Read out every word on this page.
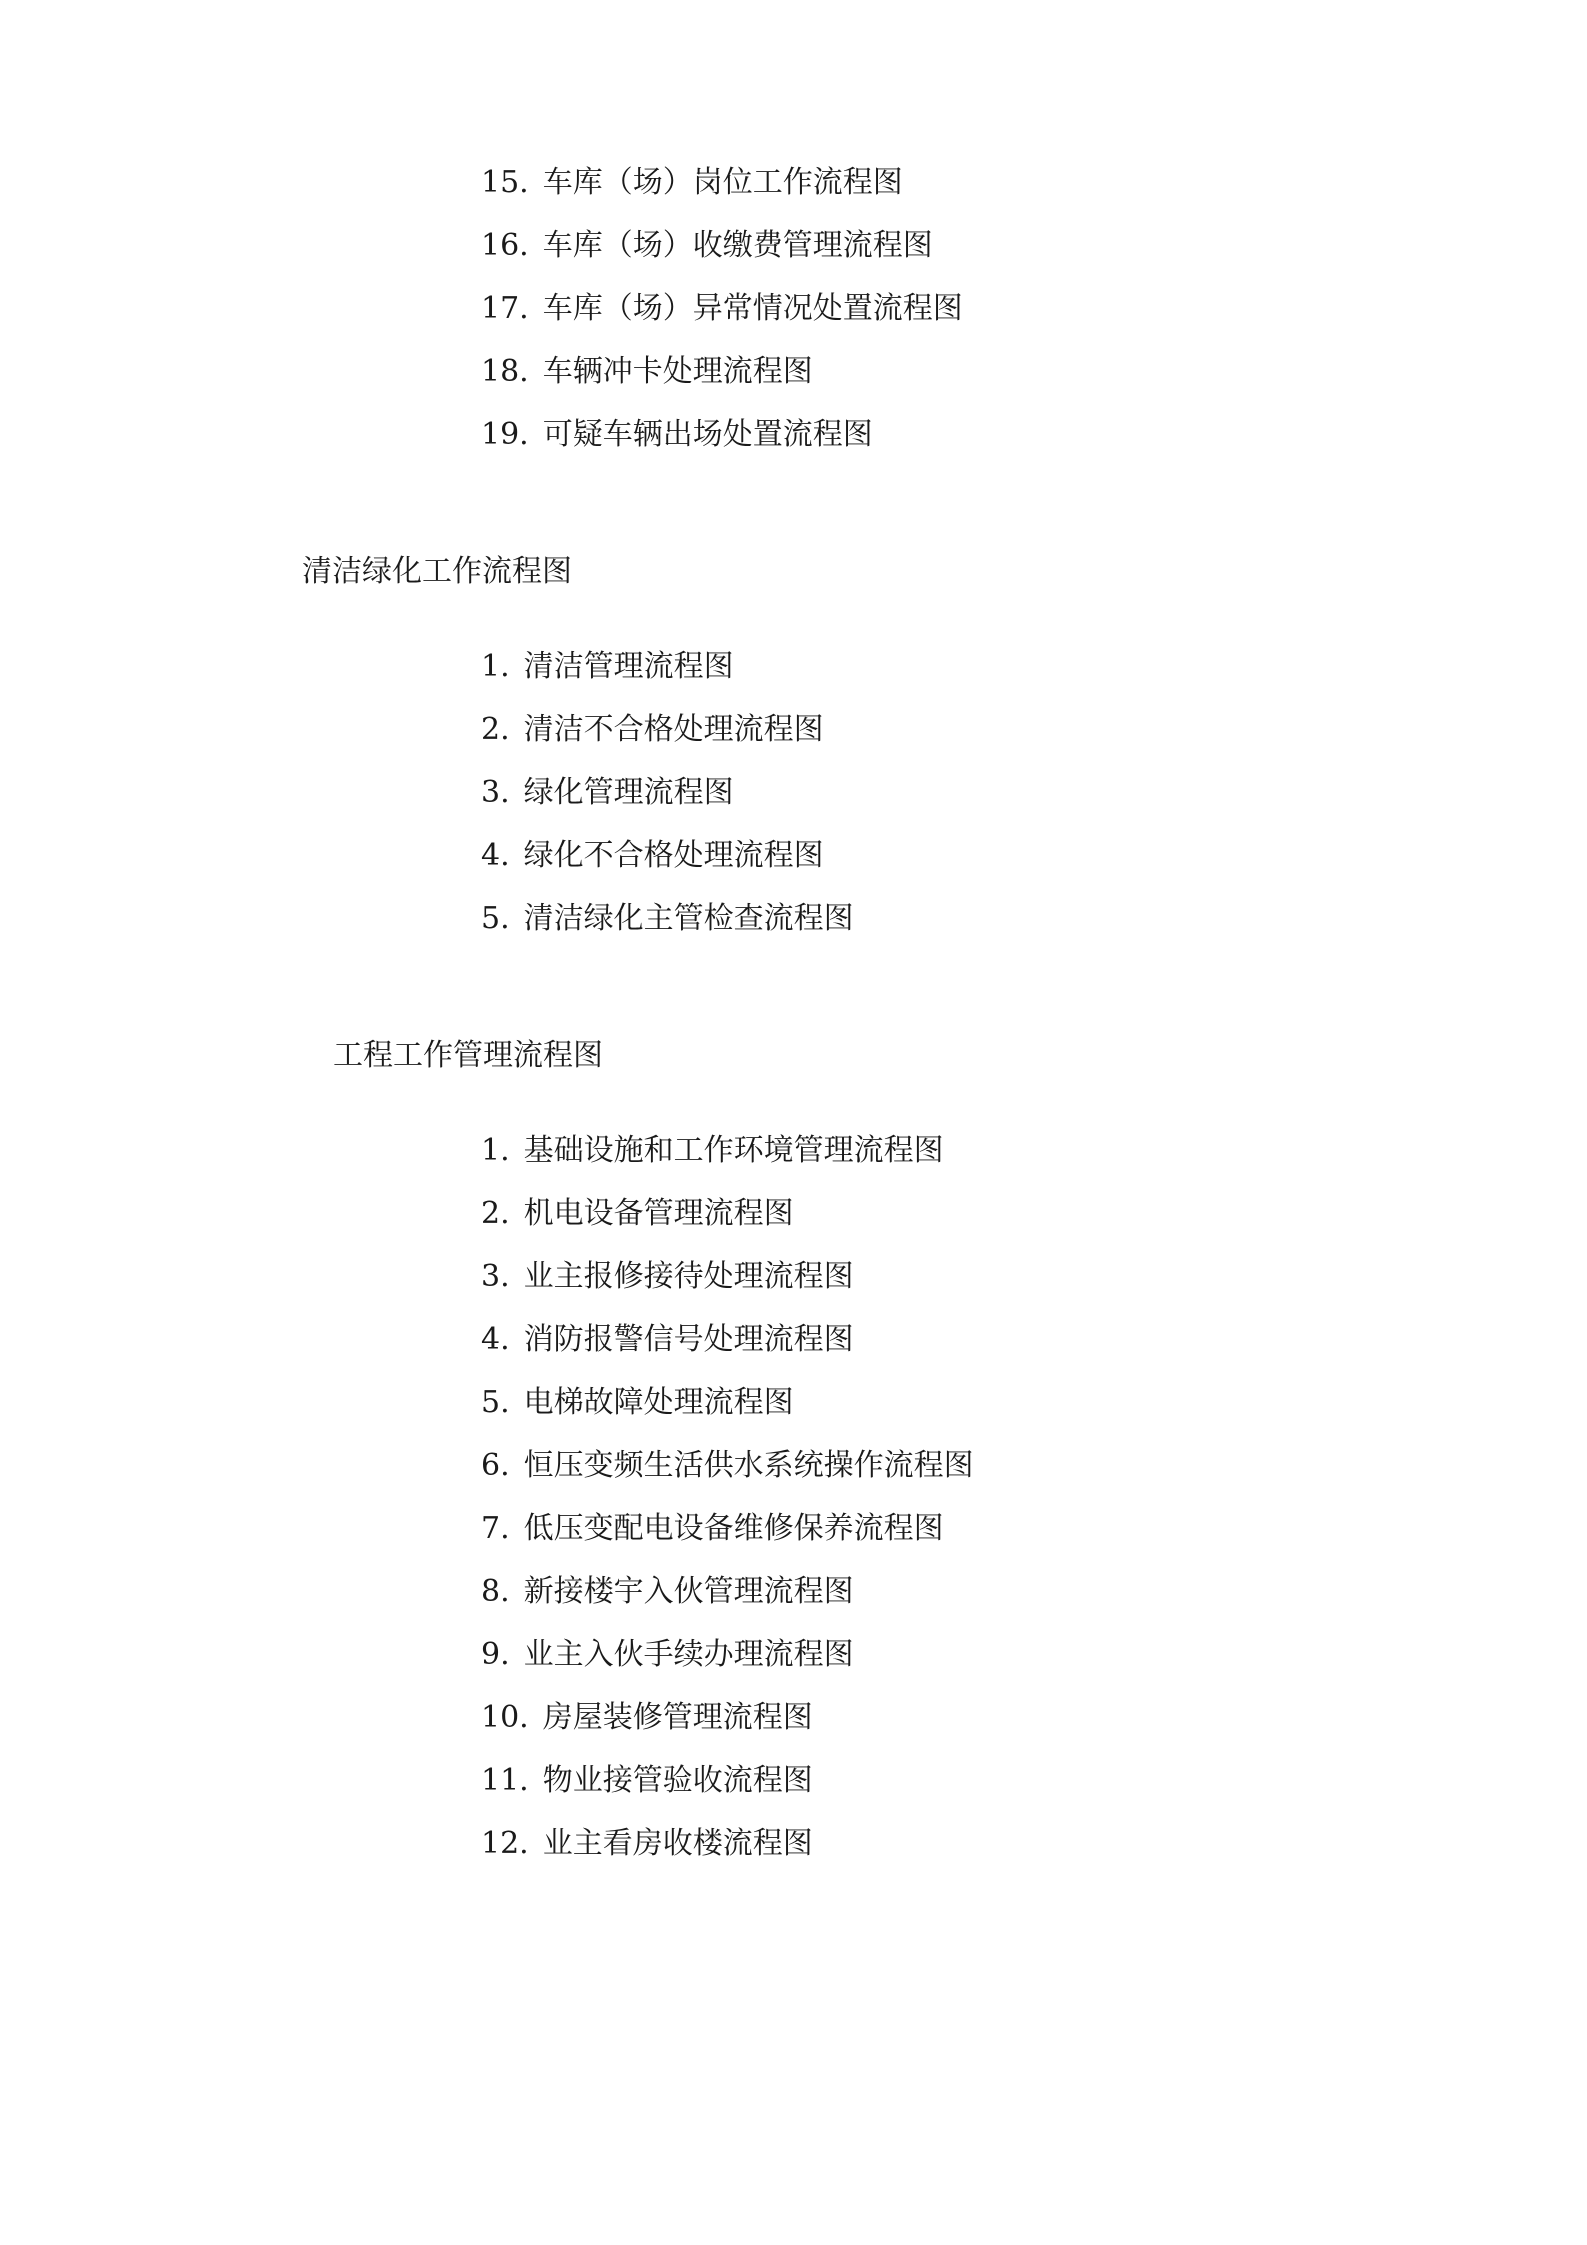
15. 车库（场）岗位工作流程图
16. 车库（场）收缴费管理流程图
17. 车库（场）异常情况处置流程图
18. 车辆冲卡处理流程图
19. 可疑车辆出场处置流程图
清洁绿化工作流程图
1. 清洁管理流程图
2. 清洁不合格处理流程图
3. 绿化管理流程图
4. 绿化不合格处理流程图
5. 清洁绿化主管检查流程图
工程工作管理流程图
1. 基础设施和工作环境管理流程图
2. 机电设备管理流程图
3. 业主报修接待处理流程图
4. 消防报警信号处理流程图
5. 电梯故障处理流程图
6. 恒压变频生活供水系统操作流程图
7. 低压变配电设备维修保养流程图
8. 新接楼宇入伙管理流程图
9. 业主入伙手续办理流程图
10. 房屋装修管理流程图
11. 物业接管验收流程图
12. 业主看房收楼流程图
